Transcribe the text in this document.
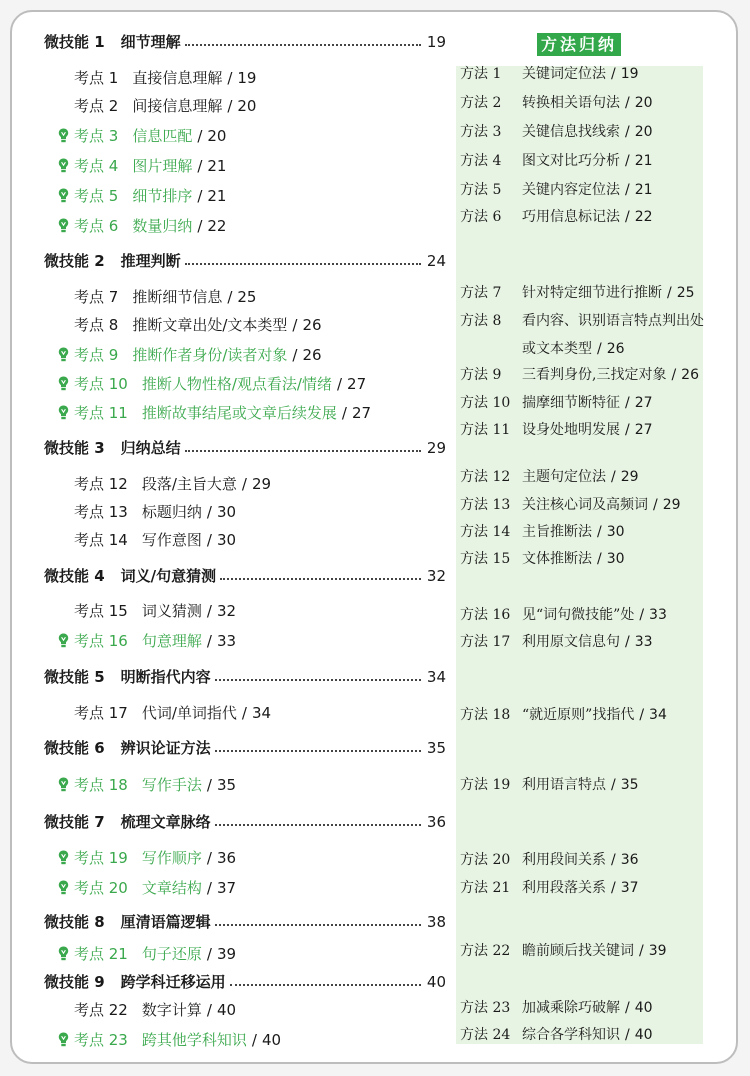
方法归纳
微技能 1 细节理解	19
微技能 2 推理判断	24
微技能 3 归纳总结	29
微技能 4 词义/句意猜测	32
微技能 5 明断指代内容	34
微技能 6 辨识论证方法	35
微技能 7 梳理文章脉络	36
微技能 8 厘清语篇逻辑	38
微技能 9 跨学科迁移运用	40
考点 1 直接信息理解 / 19
考点 2 间接信息理解 / 20
考点 3 信息匹配 / 20
考点 4 图片理解 / 21
考点 5 细节排序 / 21
考点 6 数量归纳 / 22
考点 7 推断细节信息 / 25
考点 8 推断文章出处/文本类型 / 26
考点 9 推断作者身份/读者对象 / 26
考点 10 推断人物性格/观点看法/情绪 / 27
考点 11 推断故事结尾或文章后续发展 / 27
考点 12 段落/主旨大意 / 29
考点 13 标题归纳 / 30
考点 14 写作意图 / 30
考点 15 词义猜测 / 32
考点 16 句意理解 / 33
考点 17 代词/单词指代 / 34
考点 18 写作手法 / 35
考点 19 写作顺序 / 36
考点 20 文章结构 / 37
考点 21 句子还原 / 39
考点 22 数字计算 / 40
考点 23 跨其他学科知识 / 40
方法 1	关键词定位法 / 19
方法 2	转换相关语句法 / 20
方法 3	关键信息找线索 / 20
方法 4	图文对比巧分析 / 21
方法 5	关键内容定位法 / 21
方法 6	巧用信息标记法 / 22
方法 7	针对特定细节进行推断 / 25
方法 8	看内容、识别语言特点判出处
或文本类型 / 26
方法 9	三看判身份,三找定对象 / 26
方法 10 揣摩细节断特征 / 27
方法 11 设身处地明发展 / 27
方法 12 主题句定位法 / 29
方法 13 关注核心词及高频词 / 29
方法 14 主旨推断法 / 30
方法 15 文体推断法 / 30
方法 16 见“词句微技能”处 / 33
方法 17 利用原文信息句 / 33
方法 18 “就近原则”找指代 / 34
方法 19 利用语言特点 / 35
方法 20 利用段间关系 / 36
方法 21 利用段落关系 / 37
方法 22 瞻前顾后找关键词 / 39
方法 23 加减乘除巧破解 / 40
方法 24 综合各学科知识 / 40
